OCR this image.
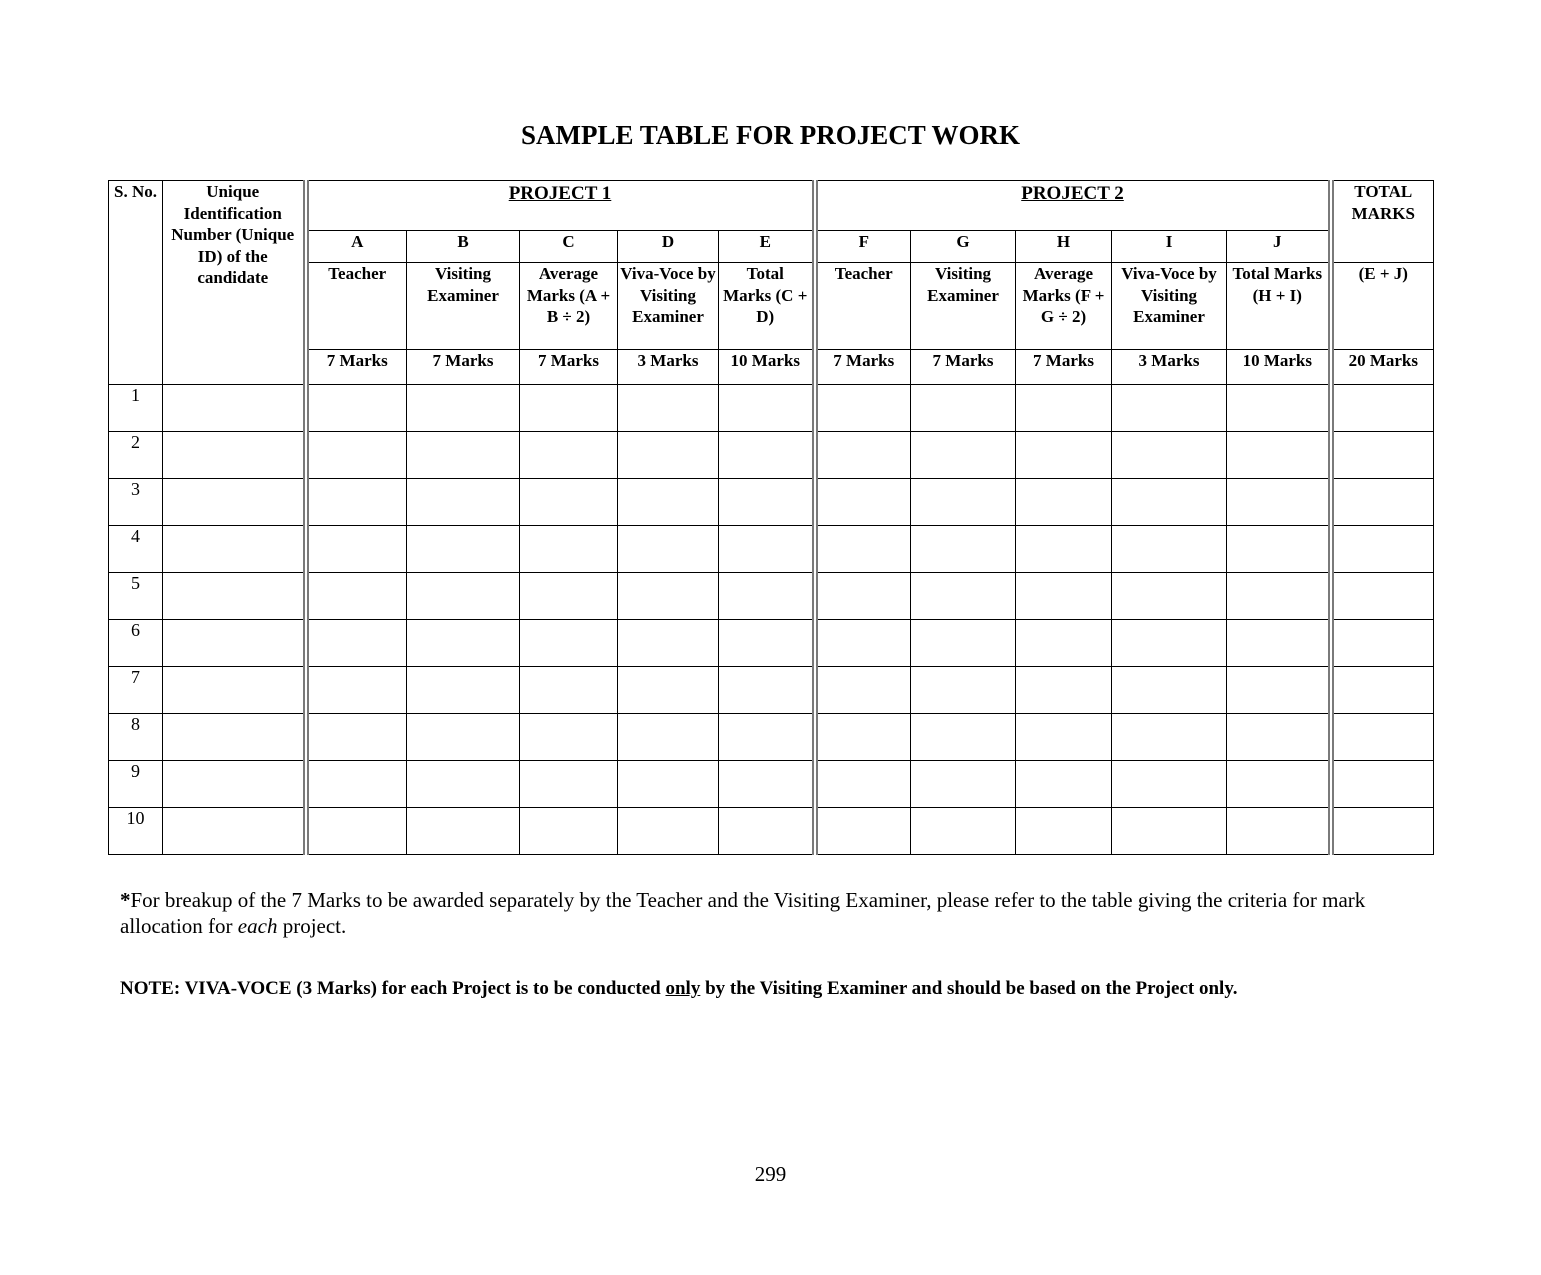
SAMPLE TABLE FOR PROJECT WORK
S. No.	Unique Identification Number (Unique ID) of the candidate	PROJECT 1					PROJECT 2					TOTAL MARKS
		A	B	C	D	E	F	G	H	I	J	
		Teacher	Visiting Examiner	Average Marks (A + B ÷ 2)	Viva-Voce by Visiting Examiner	Total Marks (C + D)	Teacher	Visiting Examiner	Average Marks (F + G ÷ 2)	Viva-Voce by Visiting Examiner	Total Marks (H + I)	(E + J)
		7 Marks	7 Marks	7 Marks	3 Marks	10 Marks	7 Marks	7 Marks	7 Marks	3 Marks	10 Marks	20 Marks
1												
2												
3												
4												
5												
6												
7												
8												
9												
10												
*For breakup of the 7 Marks to be awarded separately by the Teacher and the Visiting Examiner, please refer to the table giving the criteria for mark allocation for each project.
NOTE: VIVA-VOCE (3 Marks) for each Project is to be conducted only by the Visiting Examiner and should be based on the Project only.
299
